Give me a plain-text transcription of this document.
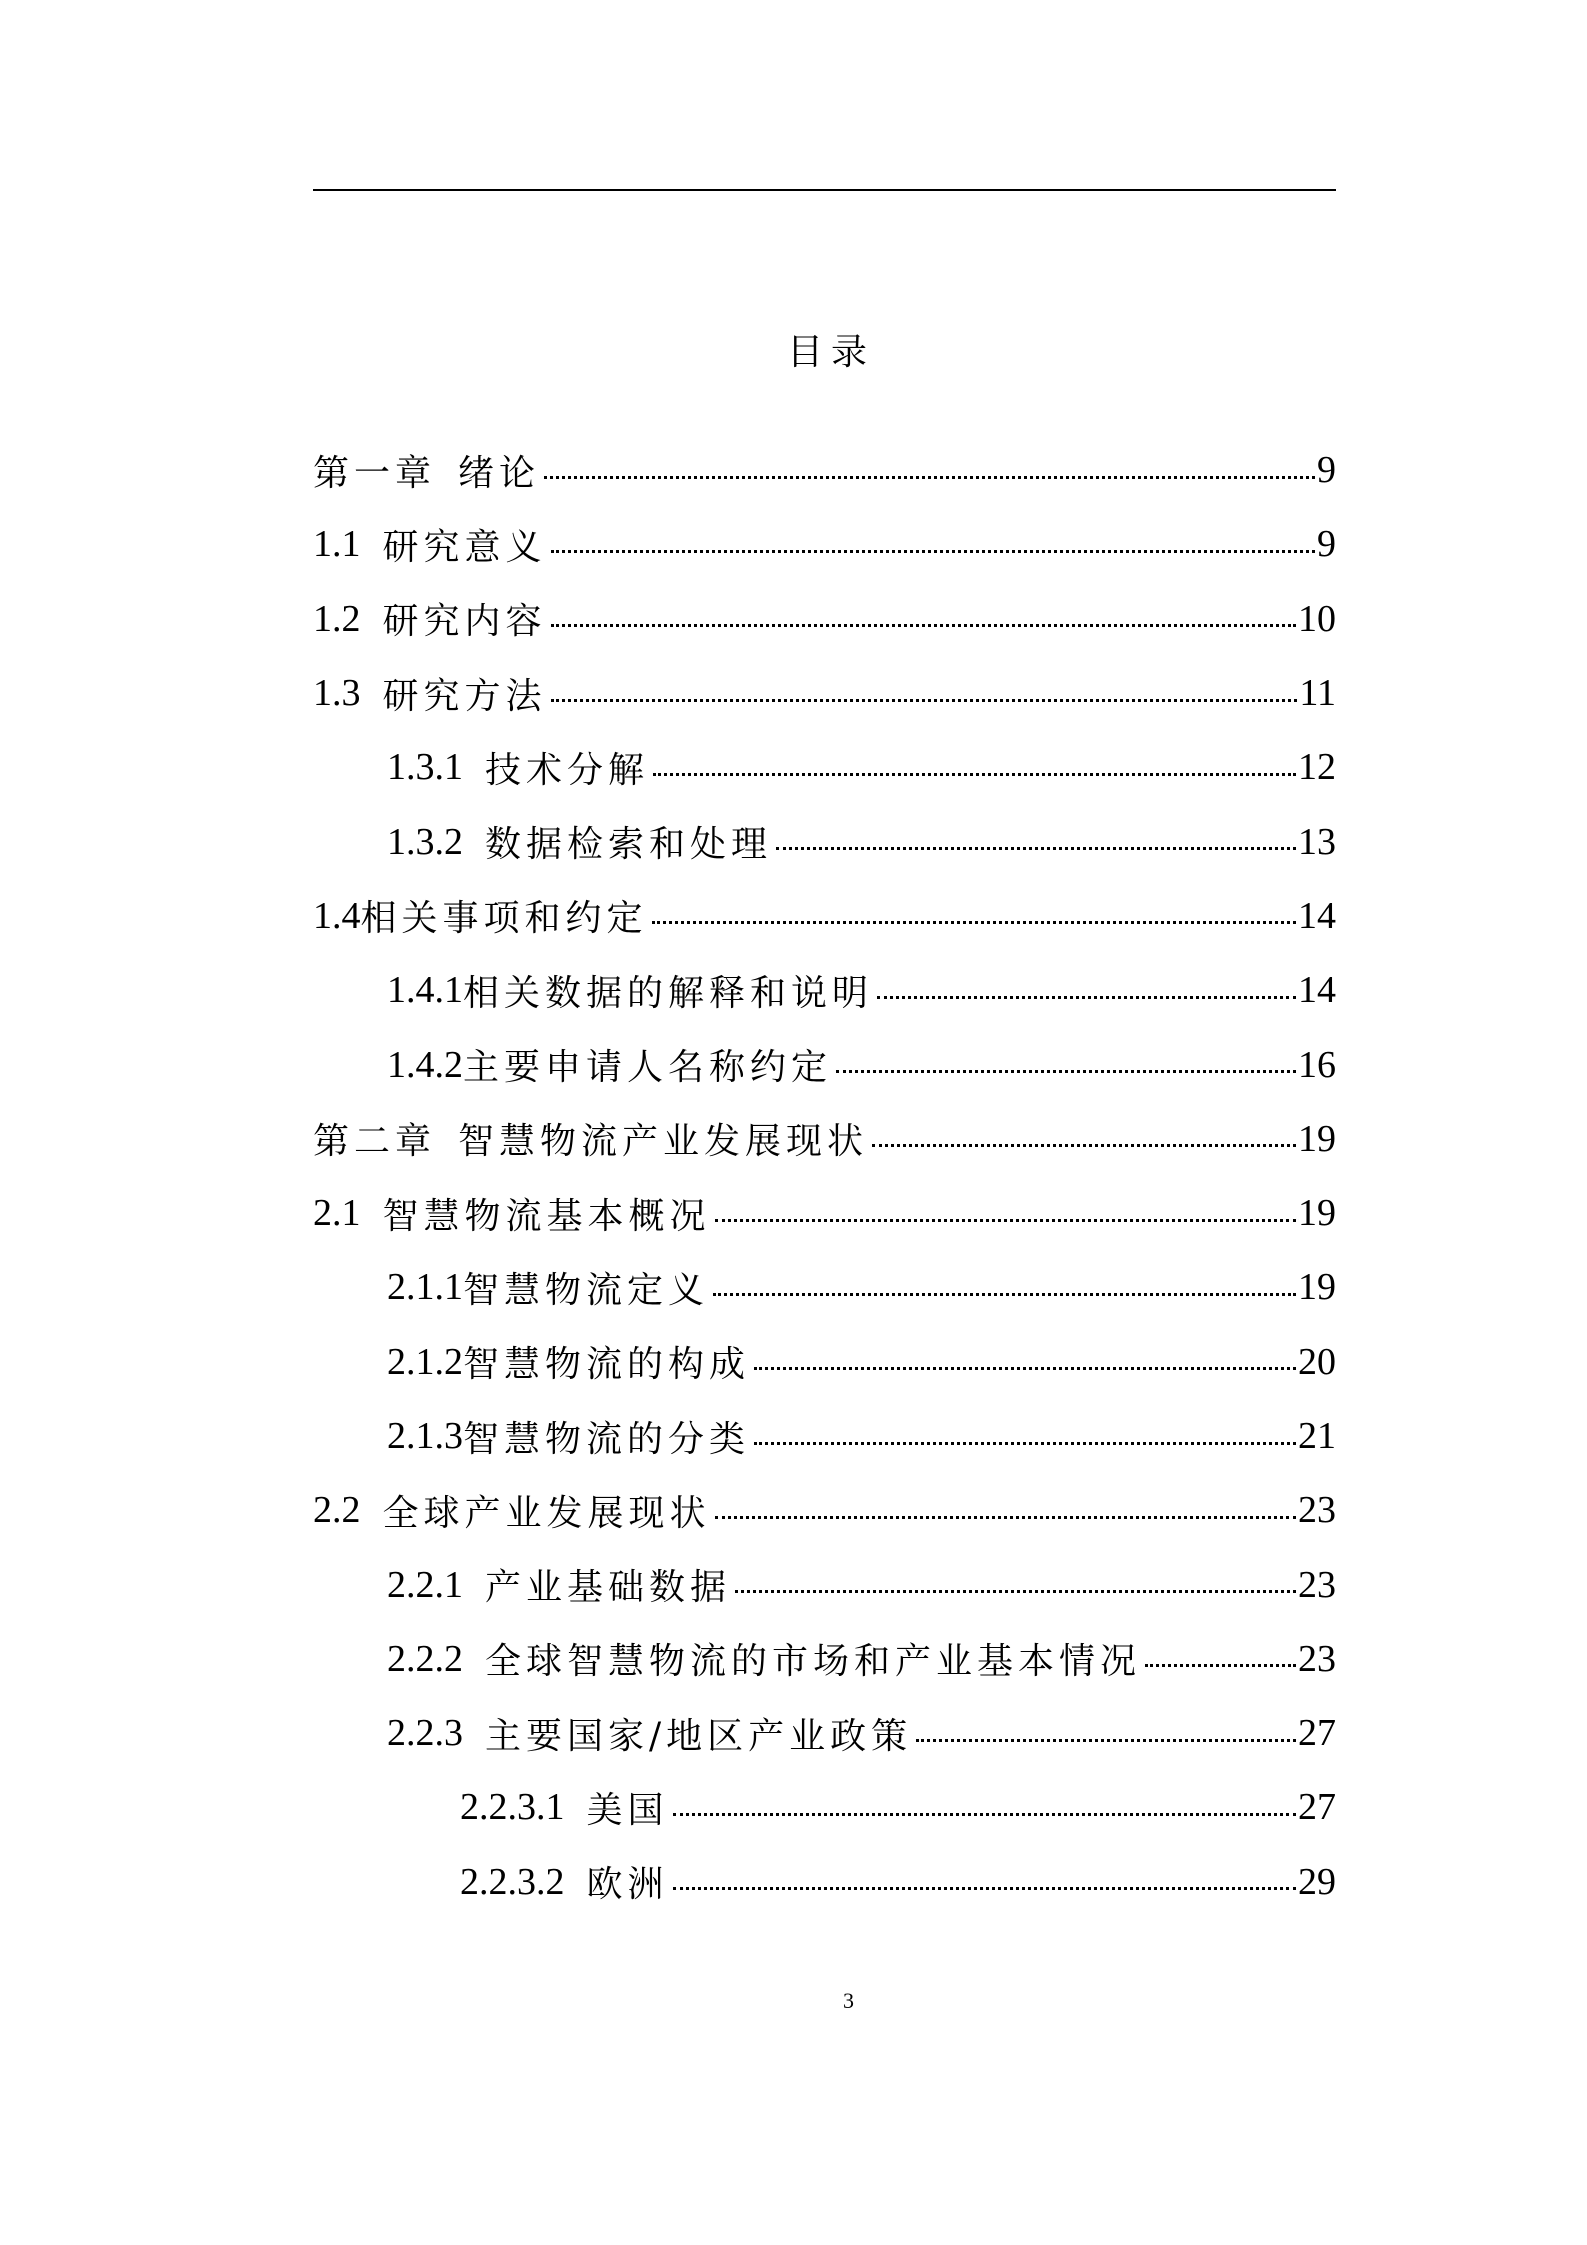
目录
第一章 绪论	9
1.1 研究意义	9
1.2 研究内容	10
1.3 研究方法	11
1.3.1 技术分解	12
1.3.2 数据检索和处理	13
1.4 相关事项和约定	14
1.4.1 相关数据的解释和说明	14
1.4.2 主要申请人名称约定	16
第二章 智慧物流产业发展现状	19
2.1 智慧物流基本概况	19
2.1.1 智慧物流定义	19
2.1.2 智慧物流的构成	20
2.1.3 智慧物流的分类	21
2.2 全球产业发展现状	23
2.2.1 产业基础数据	23
2.2.2 全球智慧物流的市场和产业基本情况	23
2.2.3 主要国家/地区产业政策	27
2.2.3.1 美国	27
2.2.3.2 欧洲	29
3
